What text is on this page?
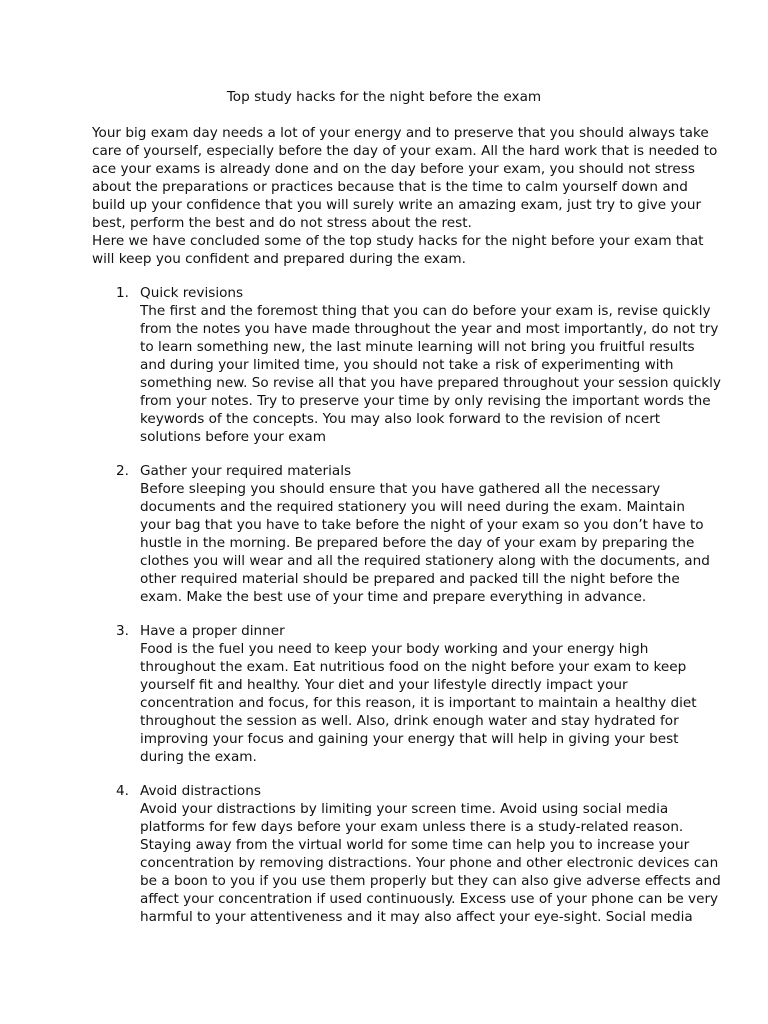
Top study hacks for the night before the exam
Your big exam day needs a lot of your energy and to preserve that you should always take
care of yourself, especially before the day of your exam. All the hard work that is needed to
ace your exams is already done and on the day before your exam, you should not stress
about the preparations or practices because that is the time to calm yourself down and
build up your confidence that you will surely write an amazing exam, just try to give your
best, perform the best and do not stress about the rest.
Here we have concluded some of the top study hacks for the night before your exam that
will keep you confident and prepared during the exam.
1. Quick revisions
The first and the foremost thing that you can do before your exam is, revise quickly
from the notes you have made throughout the year and most importantly, do not try
to learn something new, the last minute learning will not bring you fruitful results
and during your limited time, you should not take a risk of experimenting with
something new. So revise all that you have prepared throughout your session quickly
from your notes. Try to preserve your time by only revising the important words the
keywords of the concepts. You may also look forward to the revision of ncert
solutions before your exam
2. Gather your required materials
Before sleeping you should ensure that you have gathered all the necessary
documents and the required stationery you will need during the exam. Maintain
your bag that you have to take before the night of your exam so you don’t have to
hustle in the morning. Be prepared before the day of your exam by preparing the
clothes you will wear and all the required stationery along with the documents, and
other required material should be prepared and packed till the night before the
exam. Make the best use of your time and prepare everything in advance.
3. Have a proper dinner
Food is the fuel you need to keep your body working and your energy high
throughout the exam. Eat nutritious food on the night before your exam to keep
yourself fit and healthy. Your diet and your lifestyle directly impact your
concentration and focus, for this reason, it is important to maintain a healthy diet
throughout the session as well. Also, drink enough water and stay hydrated for
improving your focus and gaining your energy that will help in giving your best
during the exam.
4. Avoid distractions
Avoid your distractions by limiting your screen time. Avoid using social media
platforms for few days before your exam unless there is a study-related reason.
Staying away from the virtual world for some time can help you to increase your
concentration by removing distractions. Your phone and other electronic devices can
be a boon to you if you use them properly but they can also give adverse effects and
affect your concentration if used continuously. Excess use of your phone can be very
harmful to your attentiveness and it may also affect your eye-sight. Social media
